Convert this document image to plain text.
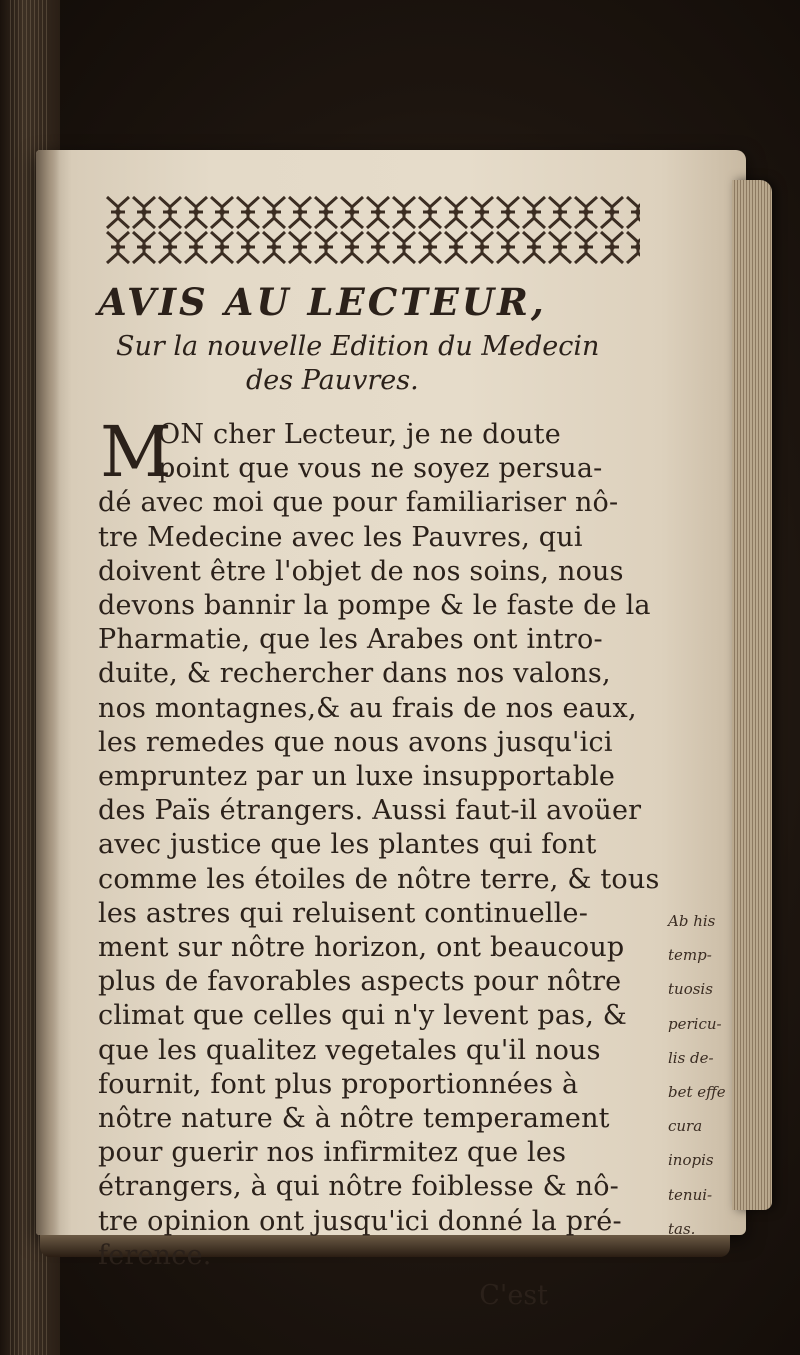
AVIS AU LECTEUR,
Sur la nouvelle Edition du Medecin
des Pauvres.
M
ON cher Lecteur, je ne doute
point que vous ne soyez persua-
dé avec moi que pour familiariser nô-
tre Medecine avec les Pauvres, qui
doivent être l'objet de nos soins, nous
devons bannir la pompe & le faste de la
Pharmatie, que les Arabes ont intro-
duite, & rechercher dans nos valons,
nos montagnes,& au frais de nos eaux,
les remedes que nous avons jusqu'ici
empruntez par un luxe insupportable
des Païs étrangers. Aussi faut-il avoüer
avec justice que les plantes qui font
comme les étoiles de nôtre terre, & tous
les astres qui reluisent continuelle-
ment sur nôtre horizon, ont beaucoup
plus de favorables aspects pour nôtre
climat que celles qui n'y levent pas, &
que les qualitez vegetales qu'il nous
fournit, font plus proportionnées à
nôtre nature & à nôtre temperament
pour guerir nos infirmitez que les
étrangers, à qui nôtre foiblesse & nô-
tre opinion ont jusqu'ici donné la pré-
ference.
C'est
Ab his
temp-
tuosis
pericu-
lis de-
bet effe
cura
inopis
tenui-
tas.
